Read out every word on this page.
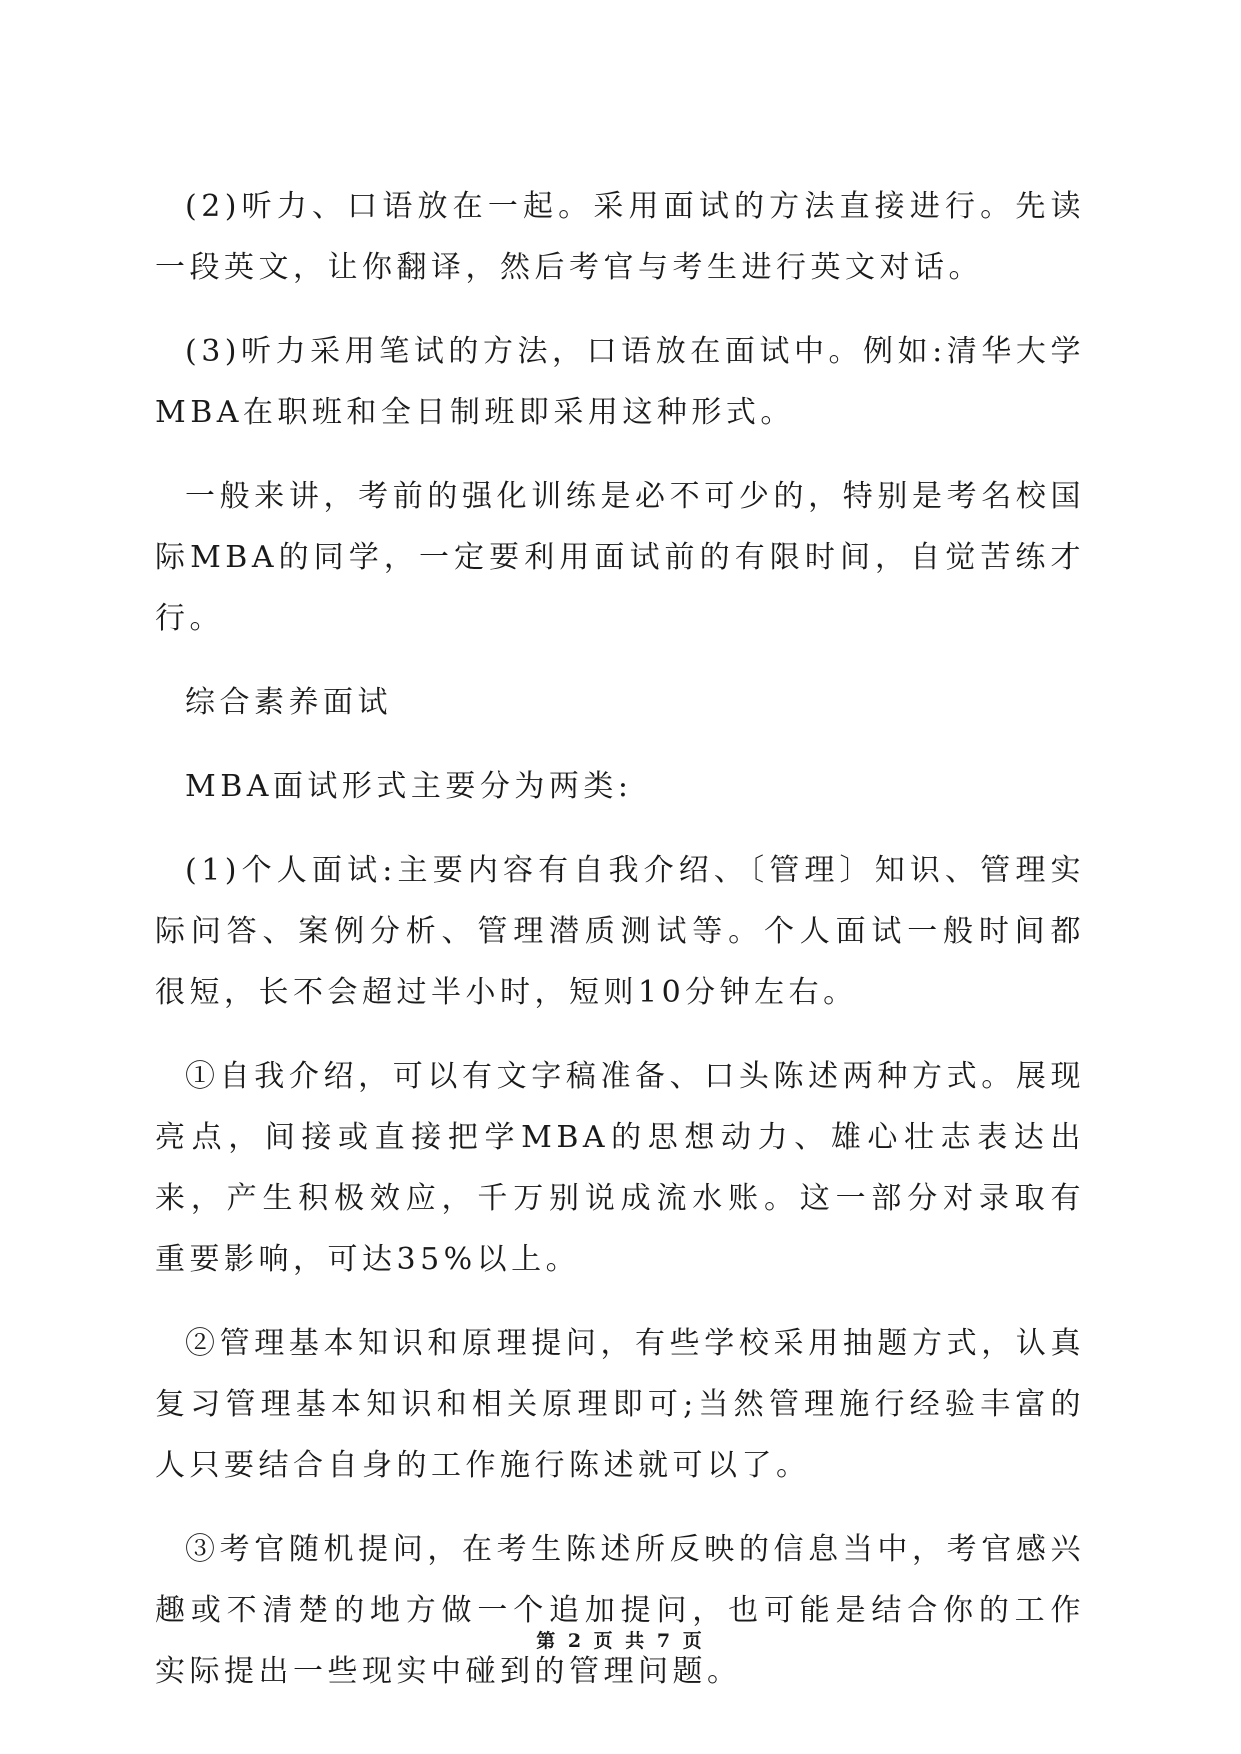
(2)听力、口语放在一起。采用面试的方法直接进行。先读一段英文，让你翻译，然后考官与考生进行英文对话。

(3)听力采用笔试的方法，口语放在面试中。例如:清华大学MBA在职班和全日制班即采用这种形式。

一般来讲，考前的强化训练是必不可少的，特别是考名校国际MBA的同学，一定要利用面试前的有限时间，自觉苦练才行。

综合素养面试

MBA面试形式主要分为两类:

(1)个人面试:主要内容有自我介绍、〔管理〕知识、管理实际问答、案例分析、管理潜质测试等。个人面试一般时间都很短，长不会超过半小时，短则10分钟左右。

①自我介绍，可以有文字稿准备、口头陈述两种方式。展现亮点，间接或直接把学MBA的思想动力、雄心壮志表达出来，产生积极效应，千万别说成流水账。这一部分对录取有重要影响，可达35%以上。

②管理基本知识和原理提问，有些学校采用抽题方式，认真复习管理基本知识和相关原理即可;当然管理施行经验丰富的人只要结合自身的工作施行陈述就可以了。

③考官随机提问，在考生陈述所反映的信息当中，考官感兴趣或不清楚的地方做一个追加提问，也可能是结合你的工作实际提出一些现实中碰到的管理问题。

第 2 页 共 7 页
